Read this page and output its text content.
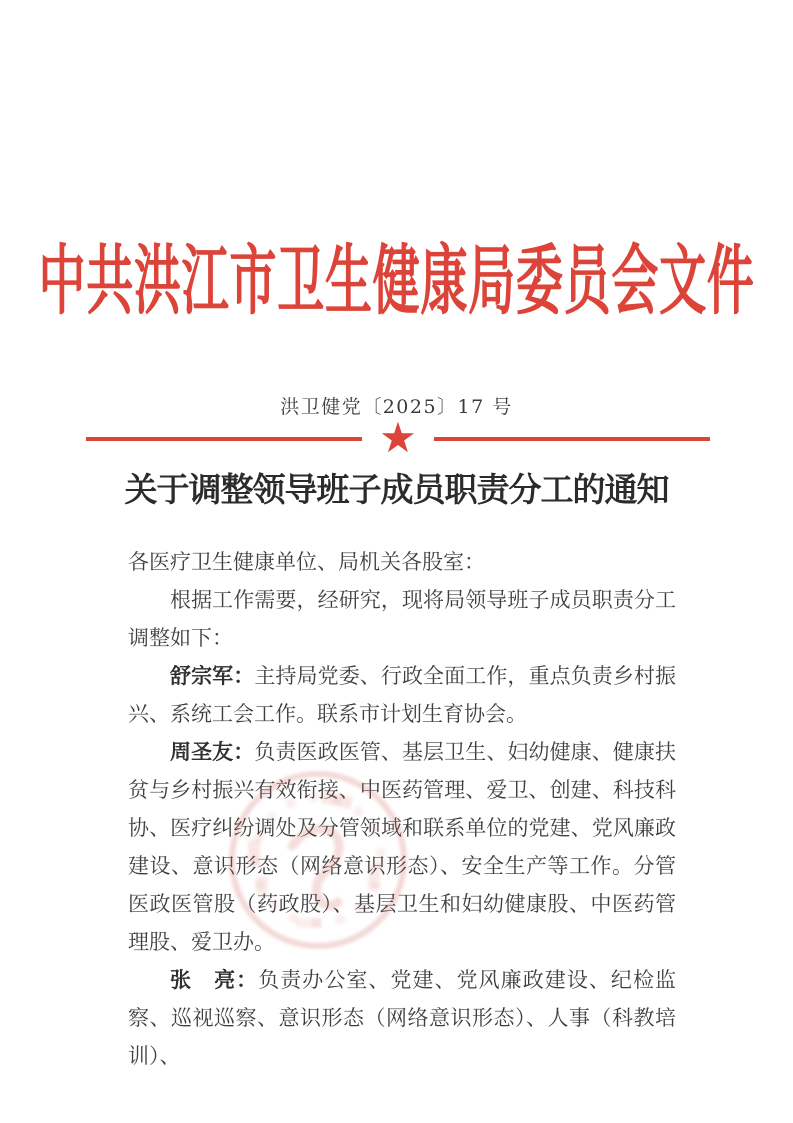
中共洪江市卫生健康局委员会文件
洪卫健党〔2025〕17 号
★
关于调整领导班子成员职责分工的通知

各医疗卫生健康单位、局机关各股室：

根据工作需要，经研究，现将局领导班子成员职责分工调整如下：

舒宗军：主持局党委、行政全面工作，重点负责乡村振兴、系统工会工作。联系市计划生育协会。

周圣友：负责医政医管、基层卫生、妇幼健康、健康扶贫与乡村振兴有效衔接、中医药管理、爱卫、创建、科技科协、医疗纠纷调处及分管领域和联系单位的党建、党风廉政建设、意识形态（网络意识形态）、安全生产等工作。分管医政医管股（药政股）、基层卫生和妇幼健康股、中医药管理股、爱卫办。

张　亮：负责办公室、党建、党风廉政建设、纪检监察、巡视巡察、意识形态（网络意识形态）、人事（科教培训）、
